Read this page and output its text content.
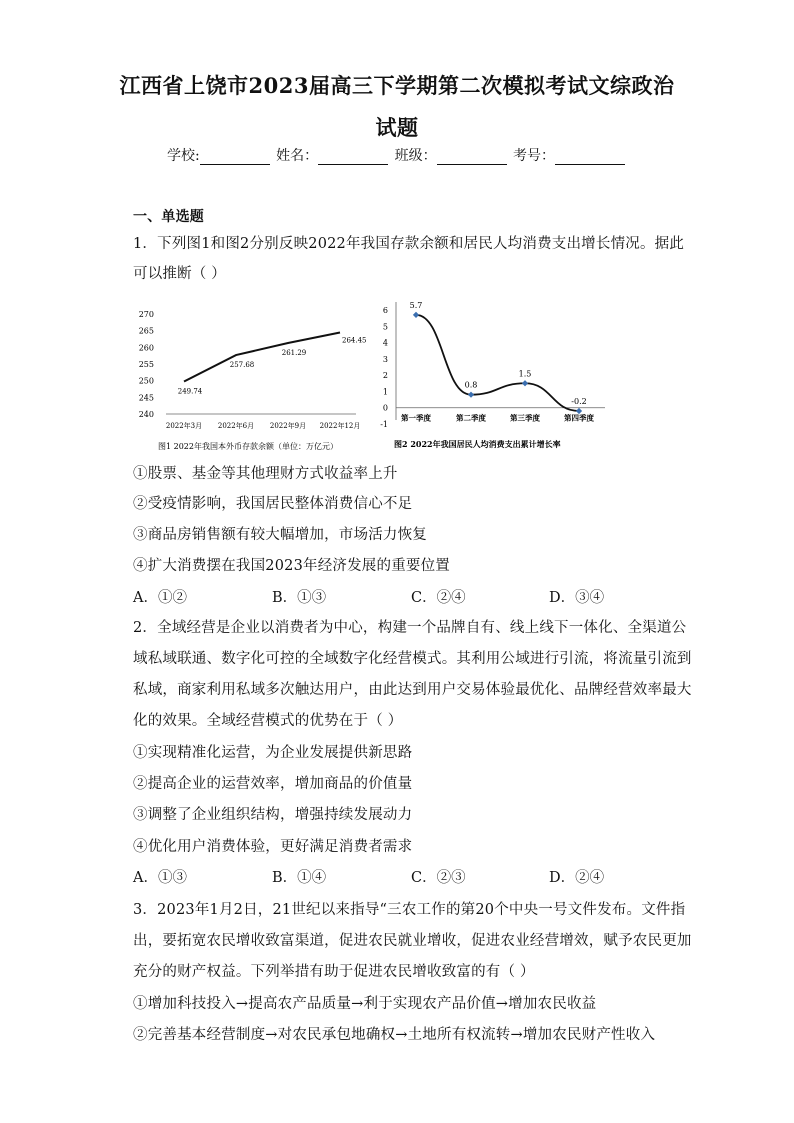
江西省上饶市2023届高三下学期第二次模拟考试文综政治
试题
学校:	姓名：	班级：	考号：
一、单选题
1．下列图1和图2分别反映2022年我国存款余额和居民人均消费支出增长情况。据此
可以推断（ ）
240
245
250
255
260
265
270
2022年3月 2022年6月 2022年9月 2022年12月
249.74
257.68
261.29
264.45
图1 2022年我国本外币存款余额（单位：万亿元）
-1
0
1
2
3
4
5
6
5.7
0.8
1.5
-0.2
第一季度	第二季度	第三季度	第四季度
图2 2022年我国居民人均消费支出累计增长率
①股票、基金等其他理财方式收益率上升
②受疫情影响，我国居民整体消费信心不足
③商品房销售额有较大幅增加，市场活力恢复
④扩大消费摆在我国2023年经济发展的重要位置
A．①②	B．①③	C．②④	D．③④
2．全域经营是企业以消费者为中心，构建一个品牌自有、线上线下一体化、全渠道公
域私域联通、数字化可控的全域数字化经营模式。其利用公域进行引流，将流量引流到
私域，商家利用私域多次触达用户，由此达到用户交易体验最优化、品牌经营效率最大
化的效果。全域经营模式的优势在于（ ）
①实现精准化运营，为企业发展提供新思路
②提高企业的运营效率，增加商品的价值量
③调整了企业组织结构，增强持续发展动力
④优化用户消费体验，更好满足消费者需求
A．①③	B．①④	C．②③	D．②④
3．2023年1月2日，21世纪以来指导“三农工作的第20个中央一号文件发布。文件指
出，要拓宽农民增收致富渠道，促进农民就业增收，促进农业经营增效，赋予农民更加
充分的财产权益。下列举措有助于促进农民增收致富的有（ ）
①增加科技投入→提高农产品质量→利于实现农产品价值→增加农民收益
②完善基本经营制度→对农民承包地确权→土地所有权流转→增加农民财产性收入
